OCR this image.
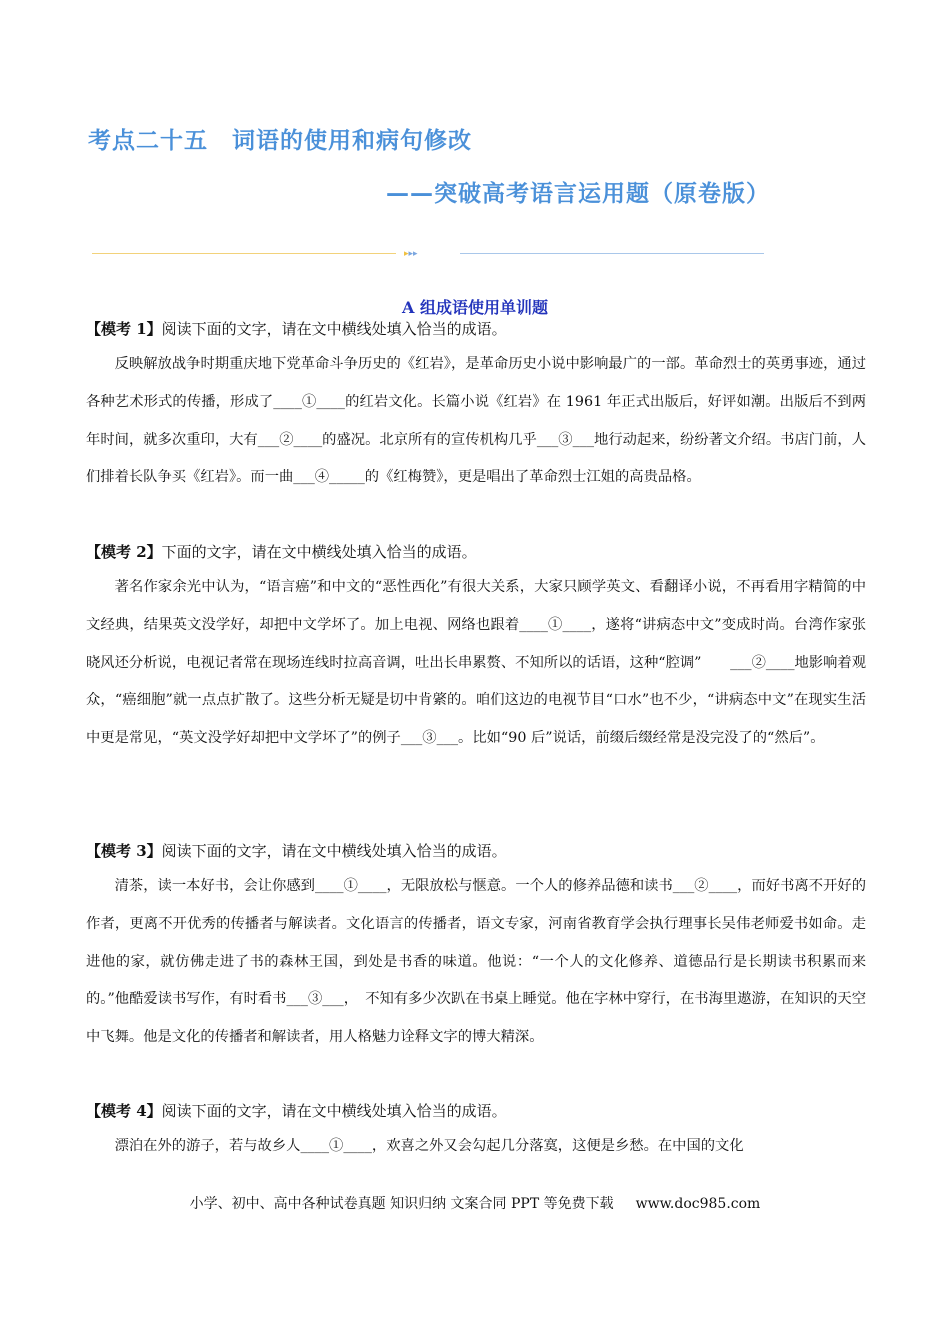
考点二十五　词语的使用和病句修改
——突破高考语言运用题（原卷版）
▸▸▸
A 组成语使用单训题
【模考 1】阅读下面的文字，请在文中横线处填入恰当的成语。
反映解放战争时期重庆地下党革命斗争历史的《红岩》，是革命历史小说中影响最广的一部。革命烈士的英勇事迹，通过各种艺术形式的传播，形成了____①____的红岩文化。长篇小说《红岩》在 1961 年正式出版后，好评如潮。出版后不到两年时间，就多次重印，大有___②____的盛况。北京所有的宣传机构几乎___③___地行动起来，纷纷著文介绍。书店门前，人们排着长队争买《红岩》。而一曲___④_____的《红梅赞》，更是唱出了革命烈士江姐的高贵品格。
【模考 2】下面的文字，请在文中横线处填入恰当的成语。
著名作家余光中认为，“语言癌”和中文的“恶性西化”有很大关系，大家只顾学英文、看翻译小说，不再看用字精简的中文经典，结果英文没学好，却把中文学坏了。加上电视、网络也跟着____①____，遂将“讲病态中文”变成时尚。台湾作家张晓风还分析说，电视记者常在现场连线时拉高音调，吐出长串累赘、不知所以的话语，这种“腔调”　　___②____地影响着观众，“癌细胞”就一点点扩散了。这些分析无疑是切中肯綮的。咱们这边的电视节目“口水”也不少，“讲病态中文”在现实生活中更是常见，“英文没学好却把中文学坏了”的例子___③___。比如“90 后”说话，前缀后缀经常是没完没了的“然后”。
【模考 3】阅读下面的文字，请在文中横线处填入恰当的成语。
清茶，读一本好书，会让你感到____①____，无限放松与惬意。一个人的修养品德和读书___②____，而好书离不开好的作者，更离不开优秀的传播者与解读者。文化语言的传播者，语文专家，河南省教育学会执行理事长吴伟老师爱书如命。走进他的家，就仿佛走进了书的森林王国，到处是书香的味道。他说：“一个人的文化修养、道德品行是长期读书积累而来的。”他酷爱读书写作，有时看书___③___，　不知有多少次趴在书桌上睡觉。他在字林中穿行，在书海里遨游，在知识的天空中飞舞。他是文化的传播者和解读者，用人格魅力诠释文字的博大精深。
【模考 4】阅读下面的文字，请在文中横线处填入恰当的成语。
漂泊在外的游子，若与故乡人____①____，欢喜之外又会勾起几分落寞，这便是乡愁。在中国的文化
小学、初中、高中各种试卷真题 知识归纳 文案合同 PPT 等免费下载 www.doc985.com
